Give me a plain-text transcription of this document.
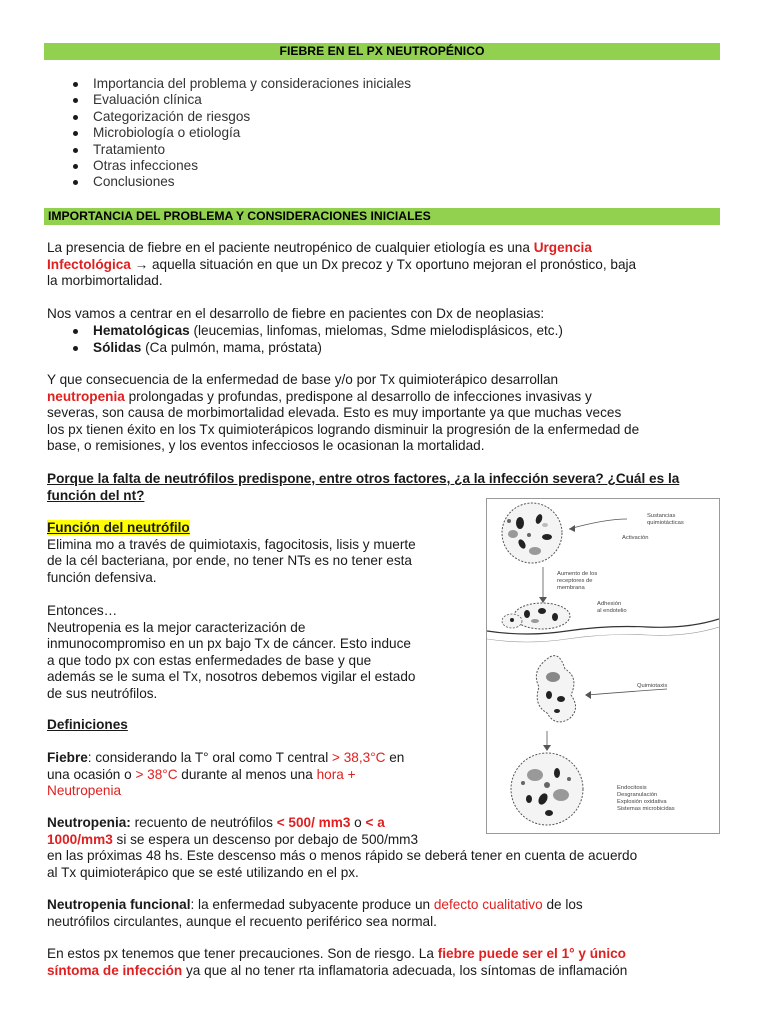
FIEBRE EN EL PX NEUTROPÉNICO
Importancia del problema y consideraciones iniciales
Evaluación clínica
Categorización de riesgos
Microbiología o etiología
Tratamiento
Otras infecciones
Conclusiones
IMPORTANCIA DEL PROBLEMA Y CONSIDERACIONES INICIALES
La presencia de fiebre en el paciente neutropénico de cualquier etiología es una Urgencia
Infectológica → aquella situación en que un Dx precoz y Tx oportuno mejoran el pronóstico, baja
la morbimortalidad.
Nos vamos a centrar en el desarrollo de fiebre en pacientes con Dx de neoplasias:
Hematológicas (leucemias, linfomas, mielomas, Sdme mielodisplásicos, etc.)
Sólidas (Ca pulmón, mama, próstata)
Y que consecuencia de la enfermedad de base y/o por Tx quimioterápico desarrollan
neutropenia prolongadas y profundas, predispone al desarrollo de infecciones invasivas y
severas, son causa de morbimortalidad elevada. Esto es muy importante ya que muchas veces
los px tienen éxito en los Tx quimioterápicos logrando disminuir la progresión de la enfermedad de
base, o remisiones, y los eventos infecciosos le ocasionan la mortalidad.
Porque la falta de neutrófilos predispone, entre otros factores, ¿a la infección severa? ¿Cuál es la
función del nt?
Función del neutrófilo
Elimina mo a través de quimiotaxis, fagocitosis, lisis y muerte
de la cél bacteriana, por ende, no tener NTs es no tener esta
función defensiva.
Entonces…
Neutropenia es la mejor caracterización de
inmunocompromiso en un px bajo Tx de cáncer. Esto induce
a que todo px con estas enfermedades de base y que
además se le suma el Tx, nosotros debemos vigilar el estado
de sus neutrófilos.
Definiciones
Fiebre: considerando la T° oral como T central > 38,3°C en
una ocasión o > 38°C durante al menos una hora +
Neutropenia
Neutropenia: recuento de neutrófilos < 500/ mm3 o < a
1000/mm3 si se espera un descenso por debajo de 500/mm3
en las próximas 48 hs. Este descenso más o menos rápido se deberá tener en cuenta de acuerdo
al Tx quimioterápico que se esté utilizando en el px.
Neutropenia funcional: la enfermedad subyacente produce un defecto cualitativo de los
neutrófilos circulantes, aunque el recuento periférico sea normal.
En estos px tenemos que tener precauciones. Son de riesgo. La fiebre puede ser el 1° y único
síntoma de infección ya que al no tener rta inflamatoria adecuada, los síntomas de inflamación
Sustancias
quimiotácticas
Activación
Aumento de los
receptores de
membrana
Adhesión
al endotelio
Quimiotaxis
Endocitosis
Desgranulación
Explosión oxidativa
Sistemas microbicidas
